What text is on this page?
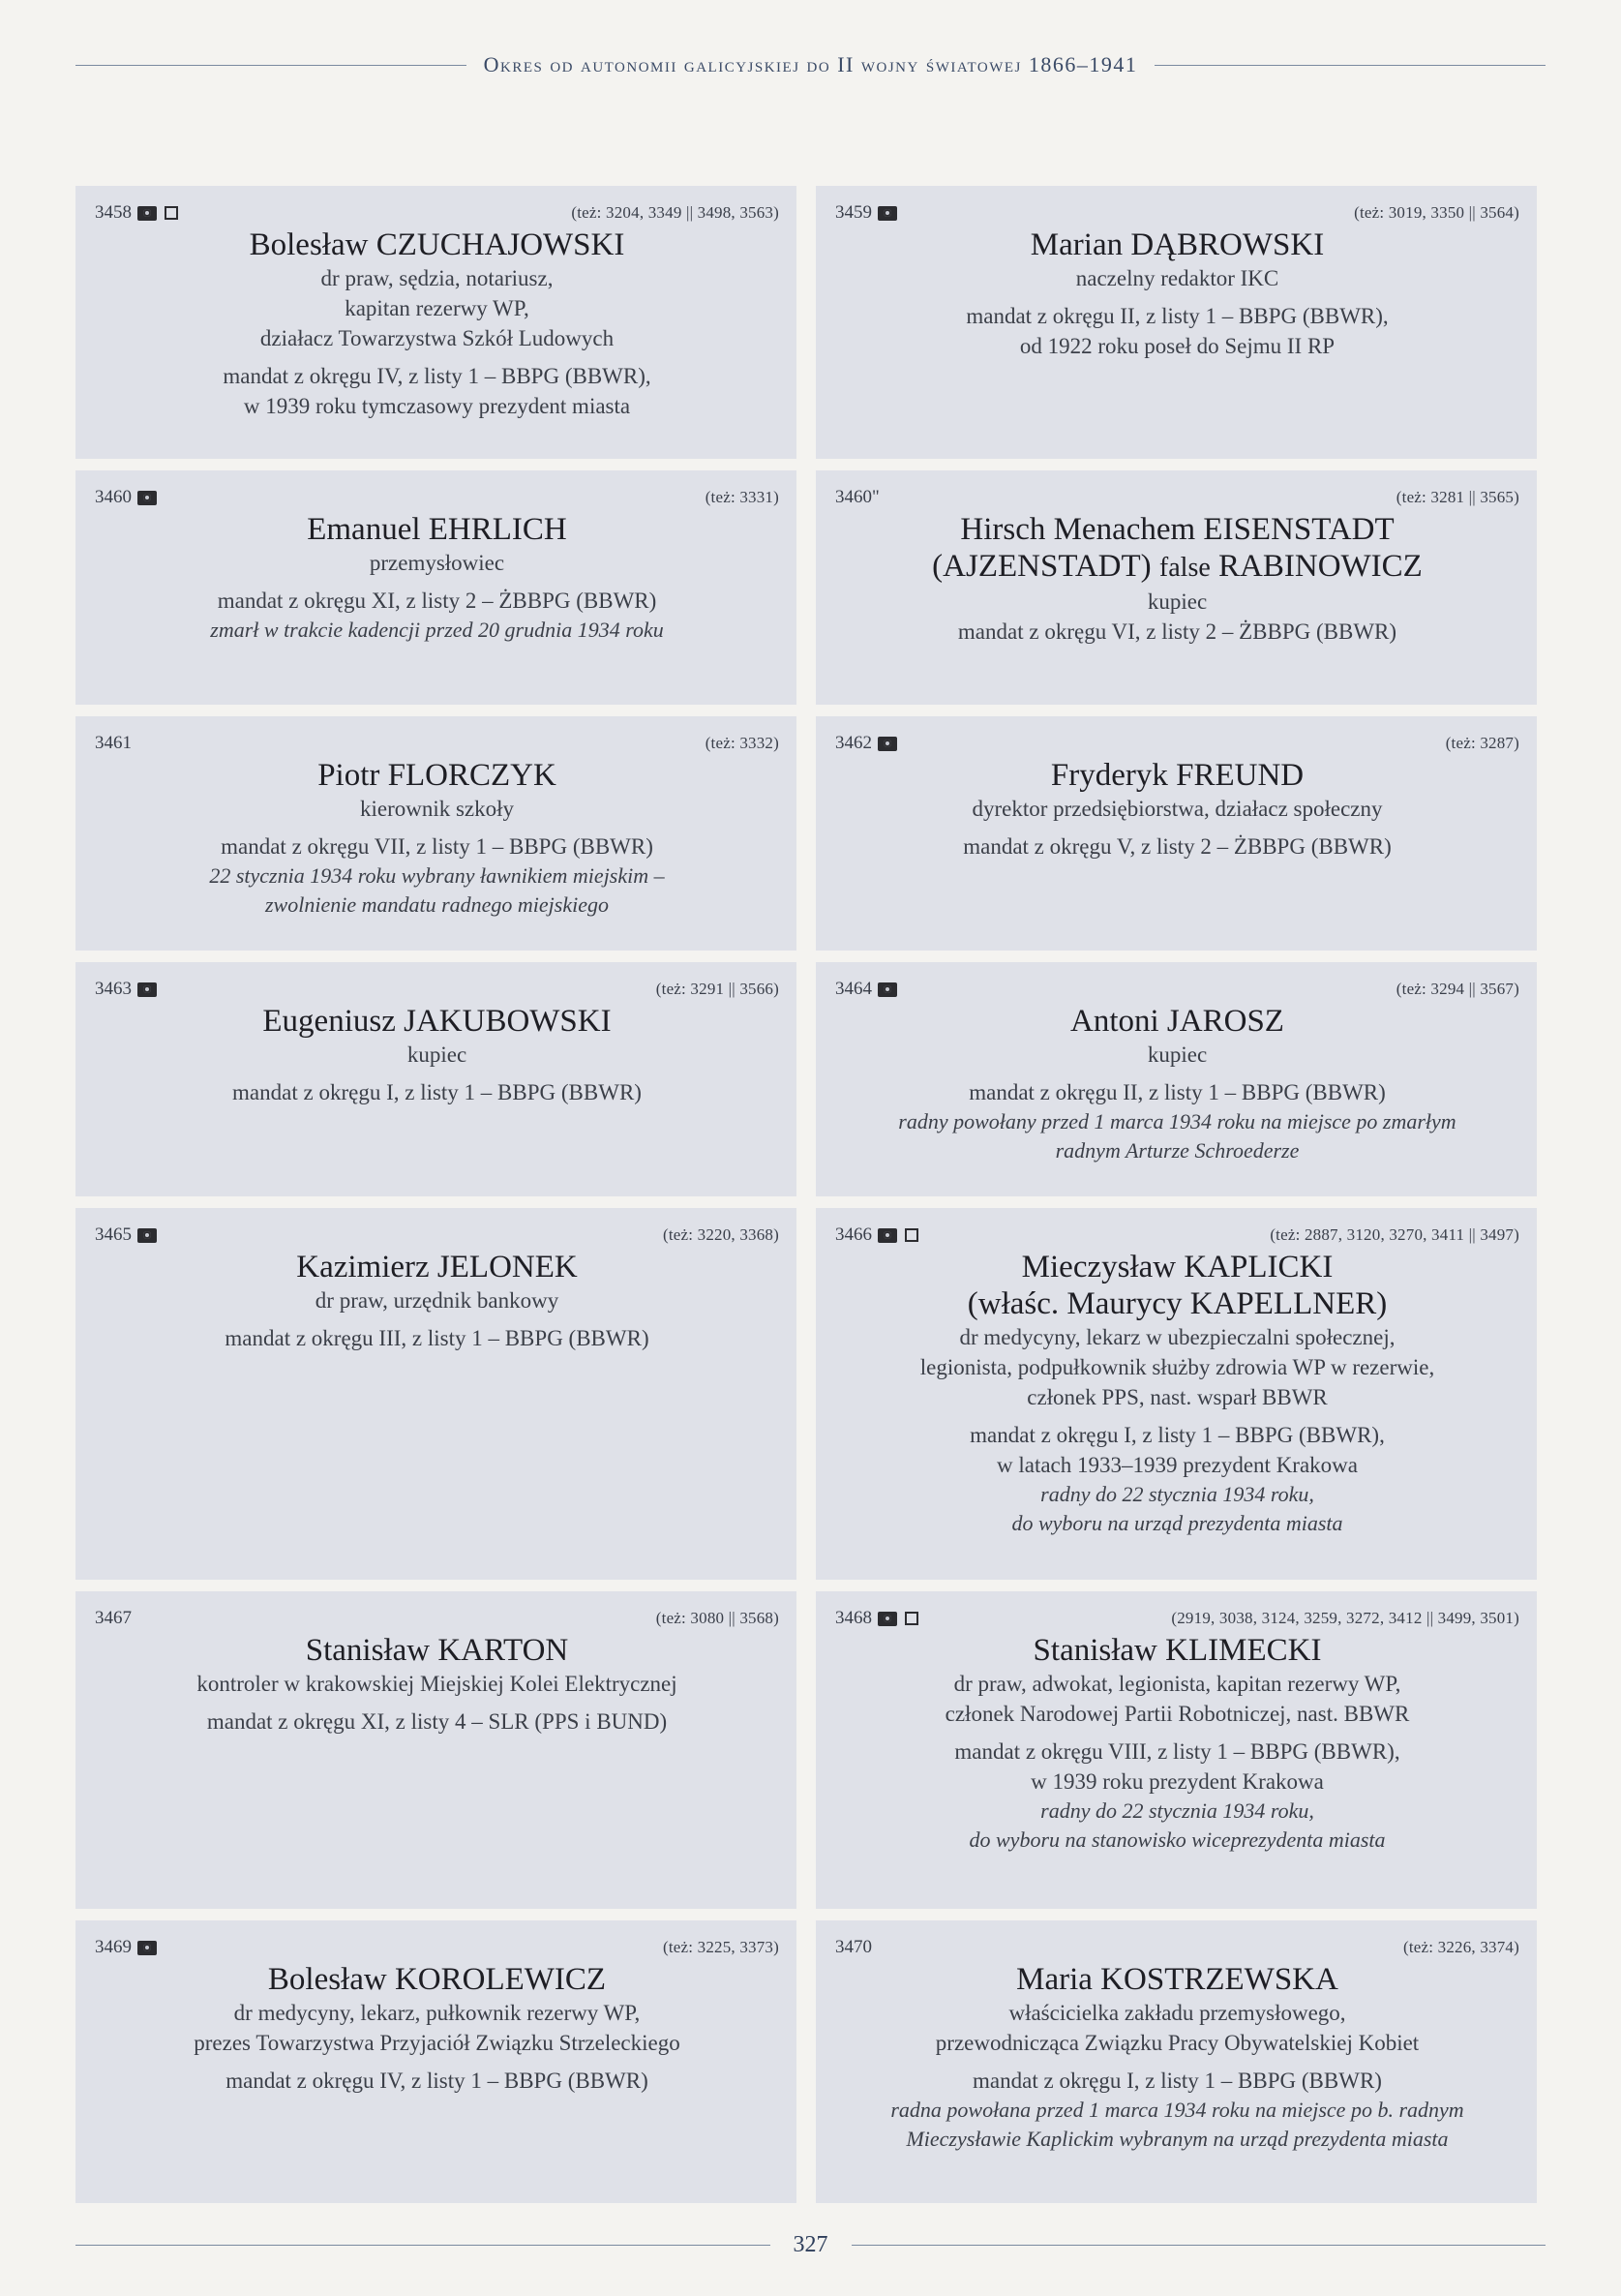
Okres od autonomii galicyjskiej do II wojny światowej 1866–1941
3458	(też: 3204, 3349 || 3498, 3563)
Bolesław CZUCHAJOWSKI
dr praw, sędzia, notariusz,
kapitan rezerwy WP,
działacz Towarzystwa Szkół Ludowych
mandat z okręgu IV, z listy 1 – BBPG (BBWR),
w 1939 roku tymczasowy prezydent miasta
3459	(też: 3019, 3350 || 3564)
Marian DĄBROWSKI
naczelny redaktor IKC
mandat z okręgu II, z listy 1 – BBPG (BBWR),
od 1922 roku poseł do Sejmu II RP
3460	(też: 3331)
Emanuel EHRLICH
przemysłowiec
mandat z okręgu XI, z listy 2 – ŻBBPG (BBWR)
zmarł w trakcie kadencji przed 20 grudnia 1934 roku
3460"	(też: 3281 || 3565)
Hirsch Menachem EISENSTADT
(AJZENSTADT) false RABINOWICZ
kupiec
mandat z okręgu VI, z listy 2 – ŻBBPG (BBWR)
3461	(też: 3332)
Piotr FLORCZYK
kierownik szkoły
mandat z okręgu VII, z listy 1 – BBPG (BBWR)
22 stycznia 1934 roku wybrany ławnikiem miejskim –
zwolnienie mandatu radnego miejskiego
3462	(też: 3287)
Fryderyk FREUND
dyrektor przedsiębiorstwa, działacz społeczny
mandat z okręgu V, z listy 2 – ŻBBPG (BBWR)
3463	(też: 3291 || 3566)
Eugeniusz JAKUBOWSKI
kupiec
mandat z okręgu I, z listy 1 – BBPG (BBWR)
3464	(też: 3294 || 3567)
Antoni JAROSZ
kupiec
mandat z okręgu II, z listy 1 – BBPG (BBWR)
radny powołany przed 1 marca 1934 roku na miejsce po zmarłym
radnym Arturze Schroederze
3465	(też: 3220, 3368)
Kazimierz JELONEK
dr praw, urzędnik bankowy
mandat z okręgu III, z listy 1 – BBPG (BBWR)
3466	(też: 2887, 3120, 3270, 3411 || 3497)
Mieczysław KAPLICKI
(właśc. Maurycy KAPELLNER)
dr medycyny, lekarz w ubezpieczalni społecznej,
legionista, podpułkownik służby zdrowia WP w rezerwie,
członek PPS, nast. wsparł BBWR
mandat z okręgu I, z listy 1 – BBPG (BBWR),
w latach 1933–1939 prezydent Krakowa
radny do 22 stycznia 1934 roku,
do wyboru na urząd prezydenta miasta
3467	(też: 3080 || 3568)
Stanisław KARTON
kontroler w krakowskiej Miejskiej Kolei Elektrycznej
mandat z okręgu XI, z listy 4 – SLR (PPS i BUND)
3468	(2919, 3038, 3124, 3259, 3272, 3412 || 3499, 3501)
Stanisław KLIMECKI
dr praw, adwokat, legionista, kapitan rezerwy WP,
członek Narodowej Partii Robotniczej, nast. BBWR
mandat z okręgu VIII, z listy 1 – BBPG (BBWR),
w 1939 roku prezydent Krakowa
radny do 22 stycznia 1934 roku,
do wyboru na stanowisko wiceprezydenta miasta
3469	(też: 3225, 3373)
Bolesław KOROLEWICZ
dr medycyny, lekarz, pułkownik rezerwy WP,
prezes Towarzystwa Przyjaciół Związku Strzeleckiego
mandat z okręgu IV, z listy 1 – BBPG (BBWR)
3470	(też: 3226, 3374)
Maria KOSTRZEWSKA
właścicielka zakładu przemysłowego,
przewodnicząca Związku Pracy Obywatelskiej Kobiet
mandat z okręgu I, z listy 1 – BBPG (BBWR)
radna powołana przed 1 marca 1934 roku na miejsce po b. radnym
Mieczysławie Kaplickim wybranym na urząd prezydenta miasta
327
